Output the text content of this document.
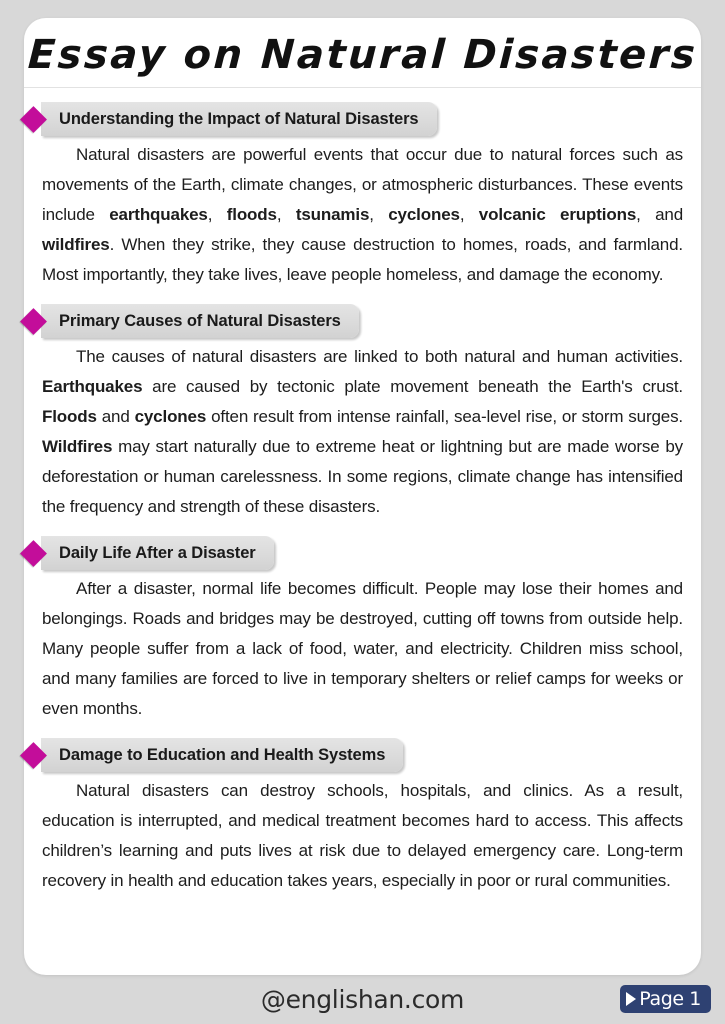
Essay on Natural Disasters
Understanding the Impact of Natural Disasters

Natural disasters are powerful events that occur due to natural forces such as movements of the Earth, climate changes, or atmospheric disturbances. These events include earthquakes, floods, tsunamis, cyclones, volcanic eruptions, and wildfires. When they strike, they cause destruction to homes, roads, and farmland. Most importantly, they take lives, leave people homeless, and damage the economy.

Primary Causes of Natural Disasters

The causes of natural disasters are linked to both natural and human activities. Earthquakes are caused by tectonic plate movement beneath the Earth's crust. Floods and cyclones often result from intense rainfall, sea-level rise, or storm surges. Wildfires may start naturally due to extreme heat or lightning but are made worse by deforestation or human carelessness. In some regions, climate change has intensified the frequency and strength of these disasters.

Daily Life After a Disaster

After a disaster, normal life becomes difficult. People may lose their homes and belongings. Roads and bridges may be destroyed, cutting off towns from outside help. Many people suffer from a lack of food, water, and electricity. Children miss school, and many families are forced to live in temporary shelters or relief camps for weeks or even months.

Damage to Education and Health Systems

Natural disasters can destroy schools, hospitals, and clinics. As a result, education is interrupted, and medical treatment becomes hard to access. This affects children’s learning and puts lives at risk due to delayed emergency care. Long-term recovery in health and education takes years, especially in poor or rural communities.

@englishan.com	Page 1
